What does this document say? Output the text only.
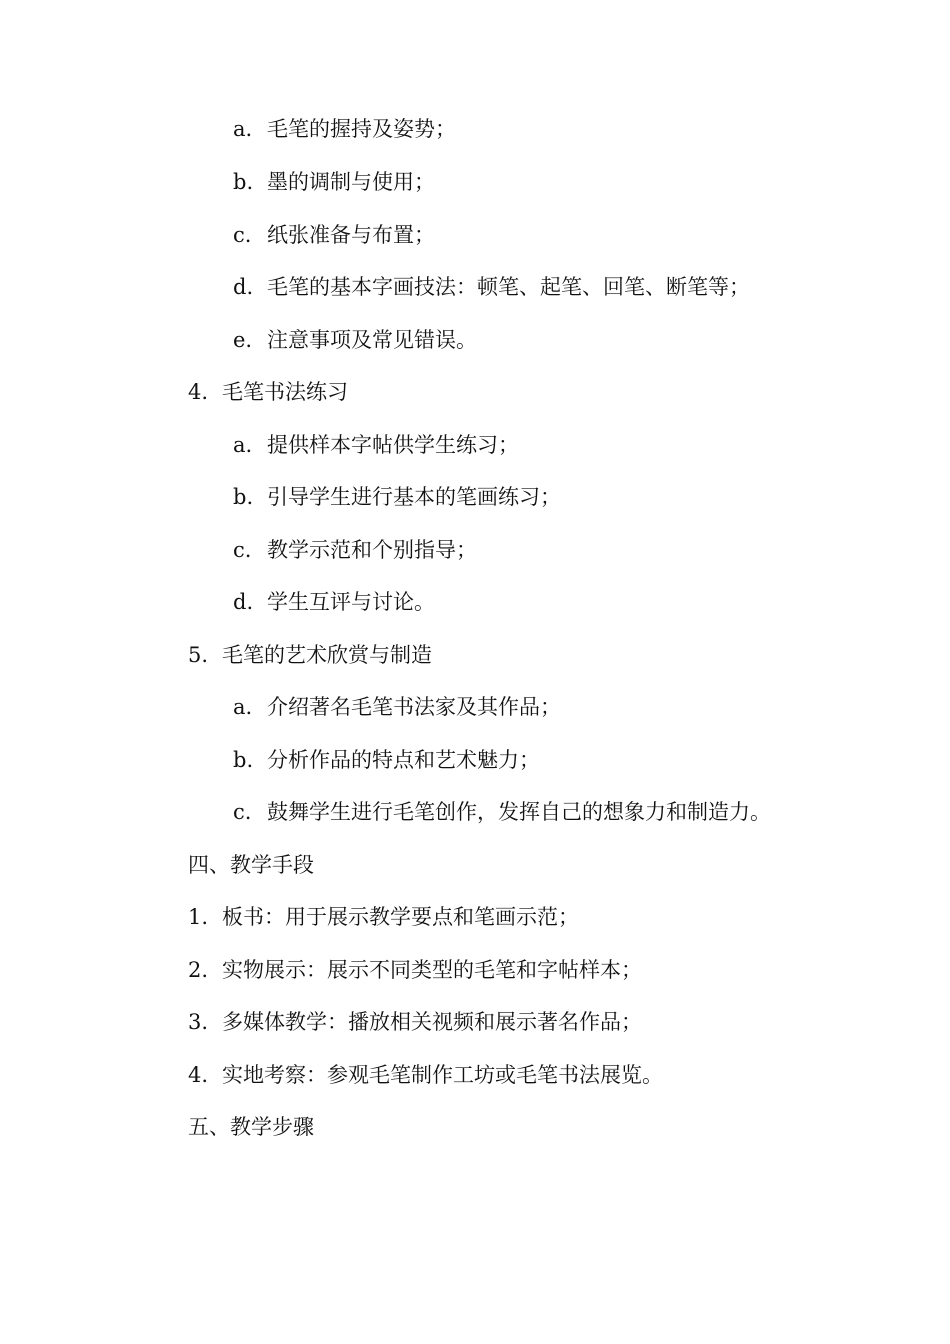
a. 毛笔的握持及姿势；
b. 墨的调制与使用；
c. 纸张准备与布置；
d. 毛笔的基本字画技法：顿笔、起笔、回笔、断笔等；
e. 注意事项及常见错误。
4. 毛笔书法练习
a. 提供样本字帖供学生练习；
b. 引导学生进行基本的笔画练习；
c. 教学示范和个别指导；
d. 学生互评与讨论。
5. 毛笔的艺术欣赏与制造
a. 介绍著名毛笔书法家及其作品；
b. 分析作品的特点和艺术魅力；
c. 鼓舞学生进行毛笔创作，发挥自己的想象力和制造力。
四、教学手段
1. 板书：用于展示教学要点和笔画示范；
2. 实物展示：展示不同类型的毛笔和字帖样本；
3. 多媒体教学：播放相关视频和展示著名作品；
4. 实地考察：参观毛笔制作工坊或毛笔书法展览。
五、教学步骤
